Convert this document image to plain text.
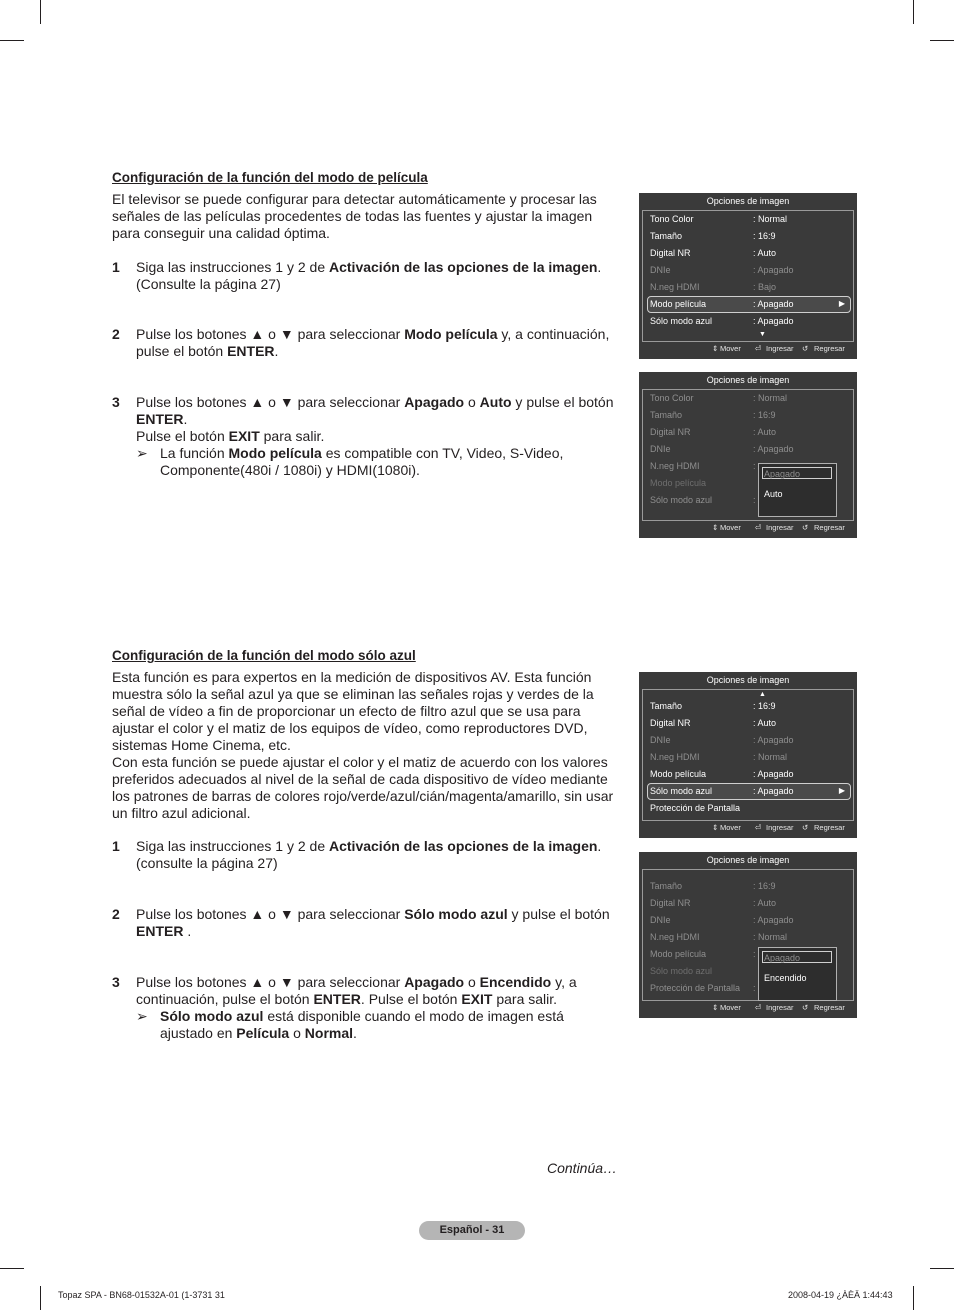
Configuración de la función del modo de película
El televisor se puede configurar para detectar automáticamente y procesar las señales de las películas procedentes de todas las fuentes y ajustar la imagen para conseguir una calidad óptima.
1 Siga las instrucciones 1 y 2 de Activación de las opciones de la imagen. (Consulte la página 27)
2 Pulse los botones ▲ o ▼ para seleccionar Modo película y, a continuación, pulse el botón ENTER.
3 Pulse los botones ▲ o ▼ para seleccionar Apagado o Auto y pulse el botón ENTER.
Pulse el botón EXIT para salir.
➢ La función Modo película es compatible con TV, Video, S-Video, Componente(480i / 1080i) y HDMI(1080i).
Opciones de imagen
Tono Color	: Normal
Tamaño	: 16:9
Digital NR	: Auto
DNIe	: Apagado
N.neg HDMI	: Bajo
Modo película	: Apagado	▶
Sólo modo azul	: Apagado
▼
⇕ Mover ⏎ Ingresar ↺ Regresar
Opciones de imagen
Tono Color	: Normal
Tamaño	: 16:9
Digital NR	: Auto
DNIe	: Apagado
N.neg HDMI	:
Modo película
Sólo modo azul	:
Apagado
Auto
⇕ Mover ⏎ Ingresar ↺ Regresar
Configuración de la función del modo sólo azul
Esta función es para expertos en la medición de dispositivos AV. Esta función muestra sólo la señal azul ya que se eliminan las señales rojas y verdes de la señal de vídeo a fin de proporcionar un efecto de filtro azul que se usa para ajustar el color y el matiz de los equipos de vídeo, como reproductores DVD, sistemas Home Cinema, etc.
Con esta función se puede ajustar el color y el matiz de acuerdo con los valores preferidos adecuados al nivel de la señal de cada dispositivo de vídeo mediante los patrones de barras de colores rojo/verde/azul/cián/magenta/amarillo, sin usar un filtro azul adicional.
1 Siga las instrucciones 1 y 2 de Activación de las opciones de la imagen. (consulte la página 27)
2 Pulse los botones ▲ o ▼ para seleccionar Sólo modo azul y pulse el botón ENTER .
3 Pulse los botones ▲ o ▼ para seleccionar Apagado o Encendido y, a continuación, pulse el botón ENTER. Pulse el botón EXIT para salir.
➢ Sólo modo azul está disponible cuando el modo de imagen está ajustado en Película o Normal.
Opciones de imagen
▲
Tamaño	: 16:9
Digital NR	: Auto
DNIe	: Apagado
N.neg HDMI	: Normal
Modo película	: Apagado
Sólo modo azul	: Apagado	▶
Protección de Pantalla
⇕ Mover ⏎ Ingresar ↺ Regresar
Opciones de imagen
Tamaño	: 16:9
Digital NR	: Auto
DNIe	: Apagado
N.neg HDMI	: Normal
Modo película	:
Sólo modo azul
Protección de Pantalla :
Apagado
Encendido
⇕ Mover ⏎ Ingresar ↺ Regresar
Continúa…
Español - 31
Topaz SPA - BN68-01532A-01 (1-3731 31	2008-04-19 ¿ÀÈÄ 1:44:43
